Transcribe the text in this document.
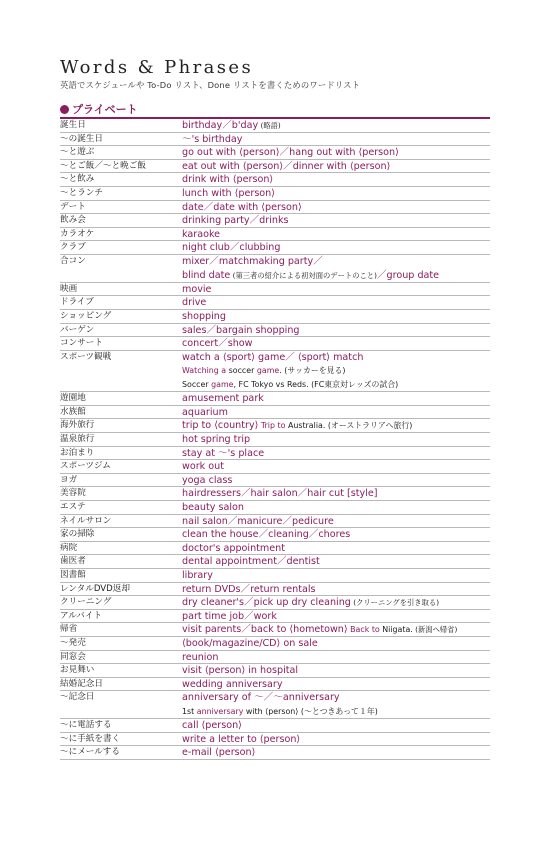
Words & Phrases
英語でスケジュールや To-Do リスト、Done リストを書くためのワードリスト
プライベート
誕生日	birthday／b'day (略語)
〜の誕生日	〜's birthday
〜と遊ぶ	go out with ⟨person⟩／hang out with ⟨person⟩
〜とご飯／〜と晩ご飯	eat out with ⟨person⟩／dinner with ⟨person⟩
〜と飲み	drink with ⟨person⟩
〜とランチ	lunch with ⟨person⟩
デート	date／date with ⟨person⟩
飲み会	drinking party／drinks
カラオケ	karaoke
クラブ	night club／clubbing
合コン	mixer／matchmaking party／
blind date (第三者の紹介による初対面のデートのこと)／group date
映画	movie
ドライブ	drive
ショッピング	shopping
バーゲン	sales／bargain shopping
コンサート	concert／show
スポーツ観戦	watch a ⟨sport⟩ game／ ⟨sport⟩ match
Watching a soccer game. (サッカーを見る)
Soccer game, FC Tokyo vs Reds. (FC東京対レッズの試合)
遊園地	amusement park
水族館	aquarium
海外旅行	trip to ⟨country⟩ Trip to Australia. (オーストラリアへ旅行)
温泉旅行	hot spring trip
お泊まり	stay at 〜's place
スポーツジム	work out
ヨガ	yoga class
美容院	hairdressers／hair salon／hair cut [style]
エステ	beauty salon
ネイルサロン	nail salon／manicure／pedicure
家の掃除	clean the house／cleaning／chores
病院	doctor's appointment
歯医者	dental appointment／dentist
図書館	library
レンタルDVD返却	return DVDs／return rentals
クリーニング	dry cleaner's／pick up dry cleaning (クリーニングを引き取る)
アルバイト	part time job／work
帰省	visit parents／back to ⟨hometown⟩ Back to Niigata. (新潟へ帰省)
〜発売	⟨book/magazine/CD⟩ on sale
同窓会	reunion
お見舞い	visit ⟨person⟩ in hospital
結婚記念日	wedding anniversary
〜記念日	anniversary of 〜／〜anniversary
1st anniversary with ⟨person⟩ (〜とつきあって１年)
〜に電話する	call ⟨person⟩
〜に手紙を書く	write a letter to ⟨person⟩
〜にメールする	e-mail ⟨person⟩
